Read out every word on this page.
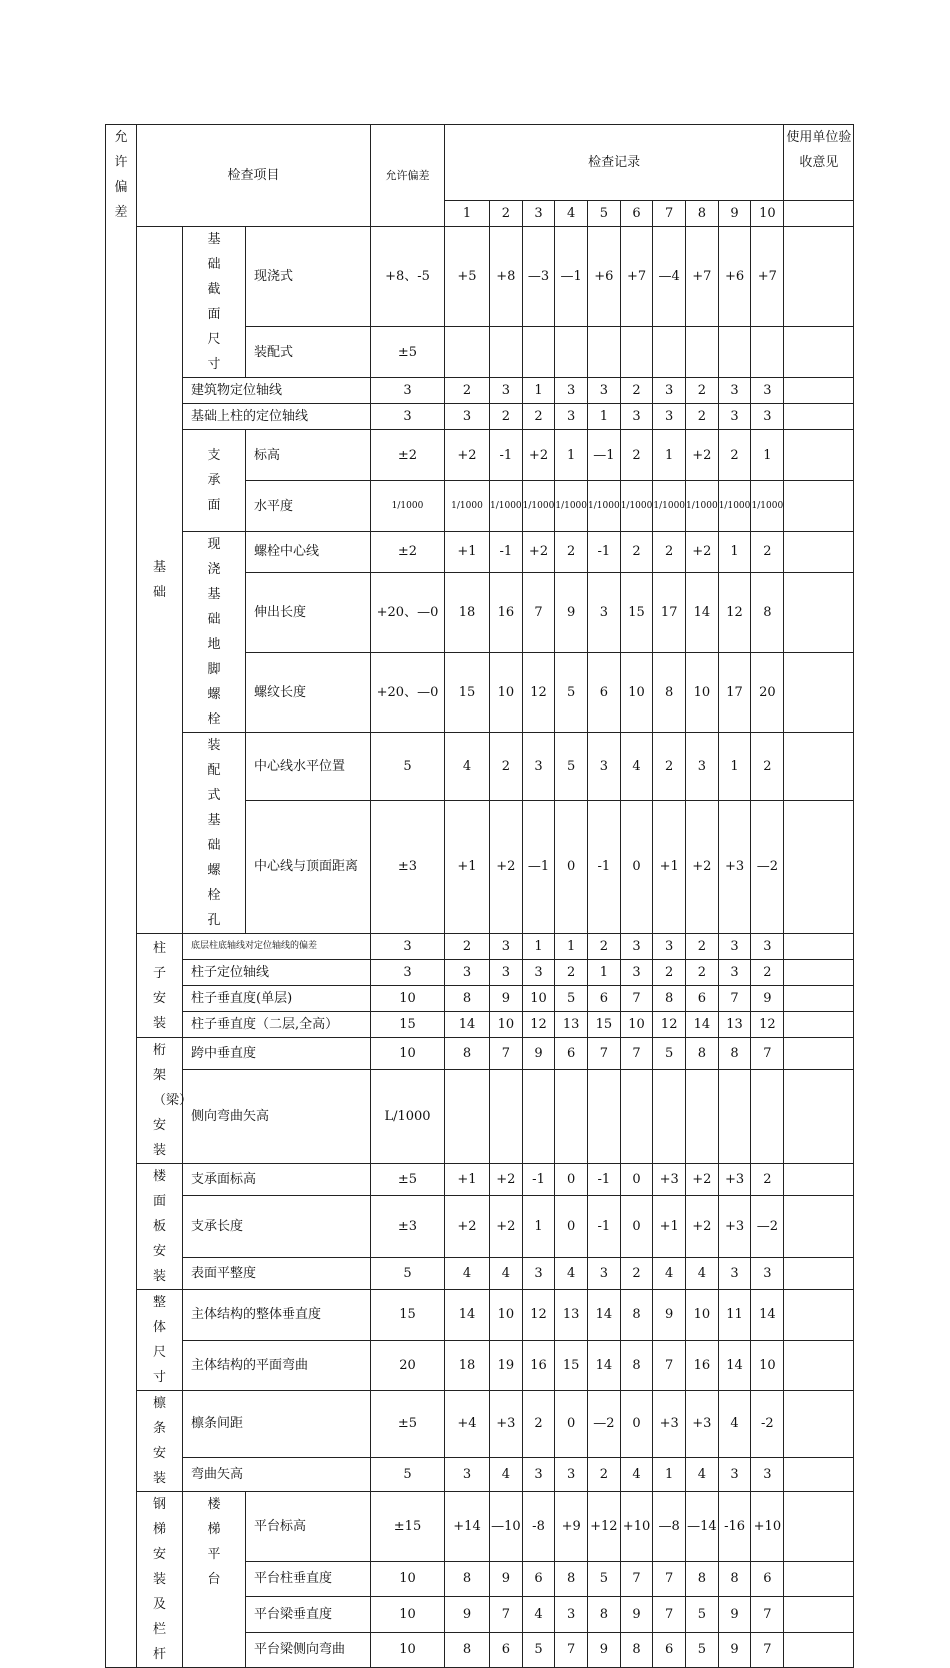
允许偏差	检查项目			允许偏差	检查记录										使用单位验收意见
					1	2	3	4	5	6	7	8	9	10	
	基础	基础截面尺寸	现浇式	+8、-5	+5	+8	—3	—1	+6	+7	—4	+7	+6	+7	
			装配式	±5											
		建筑物定位轴线		3	2	3	1	3	3	2	3	2	3	3	
		基础上柱的定位轴线		3	3	2	2	3	1	3	3	2	3	3	
		支承面	标高	±2	+2	-1	+2	1	—1	2	1	+2	2	1	
			水平度	1/1000	1/1000	1/1000	1/1000	1/1000	1/1000	1/1000	1/1000	1/1000	1/1000	1/1000	
		现浇基础地脚螺栓	螺栓中心线	±2	+1	-1	+2	2	-1	2	2	+2	1	2	
			伸出长度	+20、—0	18	16	7	9	3	15	17	14	12	8	
			螺纹长度	+20、—0	15	10	12	5	6	10	8	10	17	20	
		装配式基础螺栓孔	中心线水平位置	5	4	2	3	5	3	4	2	3	1	2	
			中心线与顶面距离	±3	+1	+2	—1	0	-1	0	+1	+2	+3	—2	
	柱子安装	底层柱底轴线对定位轴线的偏差		3	2	3	1	1	2	3	3	2	3	3	
		柱子定位轴线		3	3	3	3	2	1	3	2	2	3	2	
		柱子垂直度(单层)		10	8	9	10	5	6	7	8	6	7	9	
		柱子垂直度（二层,全高）		15	14	10	12	13	15	10	12	14	13	12	
	桁架（梁）安装	跨中垂直度		10	8	7	9	6	7	7	5	8	8	7	
		侧向弯曲矢高		L/1000											
	楼面板安装	支承面标高		±5	+1	+2	-1	0	-1	0	+3	+2	+3	2	
		支承长度		±3	+2	+2	1	0	-1	0	+1	+2	+3	—2	
		表面平整度		5	4	4	3	4	3	2	4	4	3	3	
	整体尺寸	主体结构的整体垂直度		15	14	10	12	13	14	8	9	10	11	14	
		主体结构的平面弯曲		20	18	19	16	15	14	8	7	16	14	10	
	檩条安装	檩条间距		±5	+4	+3	2	0	—2	0	+3	+3	4	-2	
		弯曲矢高		5	3	4	3	3	2	4	1	4	3	3	
	钢梯安装及栏杆	楼梯平台	平台标高	±15	+14	—10	-8	+9	+12	+10	—8	—14	-16	+10	
			平台柱垂直度	10	8	9	6	8	5	7	7	8	8	6	
			平台梁垂直度	10	9	7	4	3	8	9	7	5	9	7	
			平台梁侧向弯曲	10	8	6	5	7	9	8	6	5	9	7	
